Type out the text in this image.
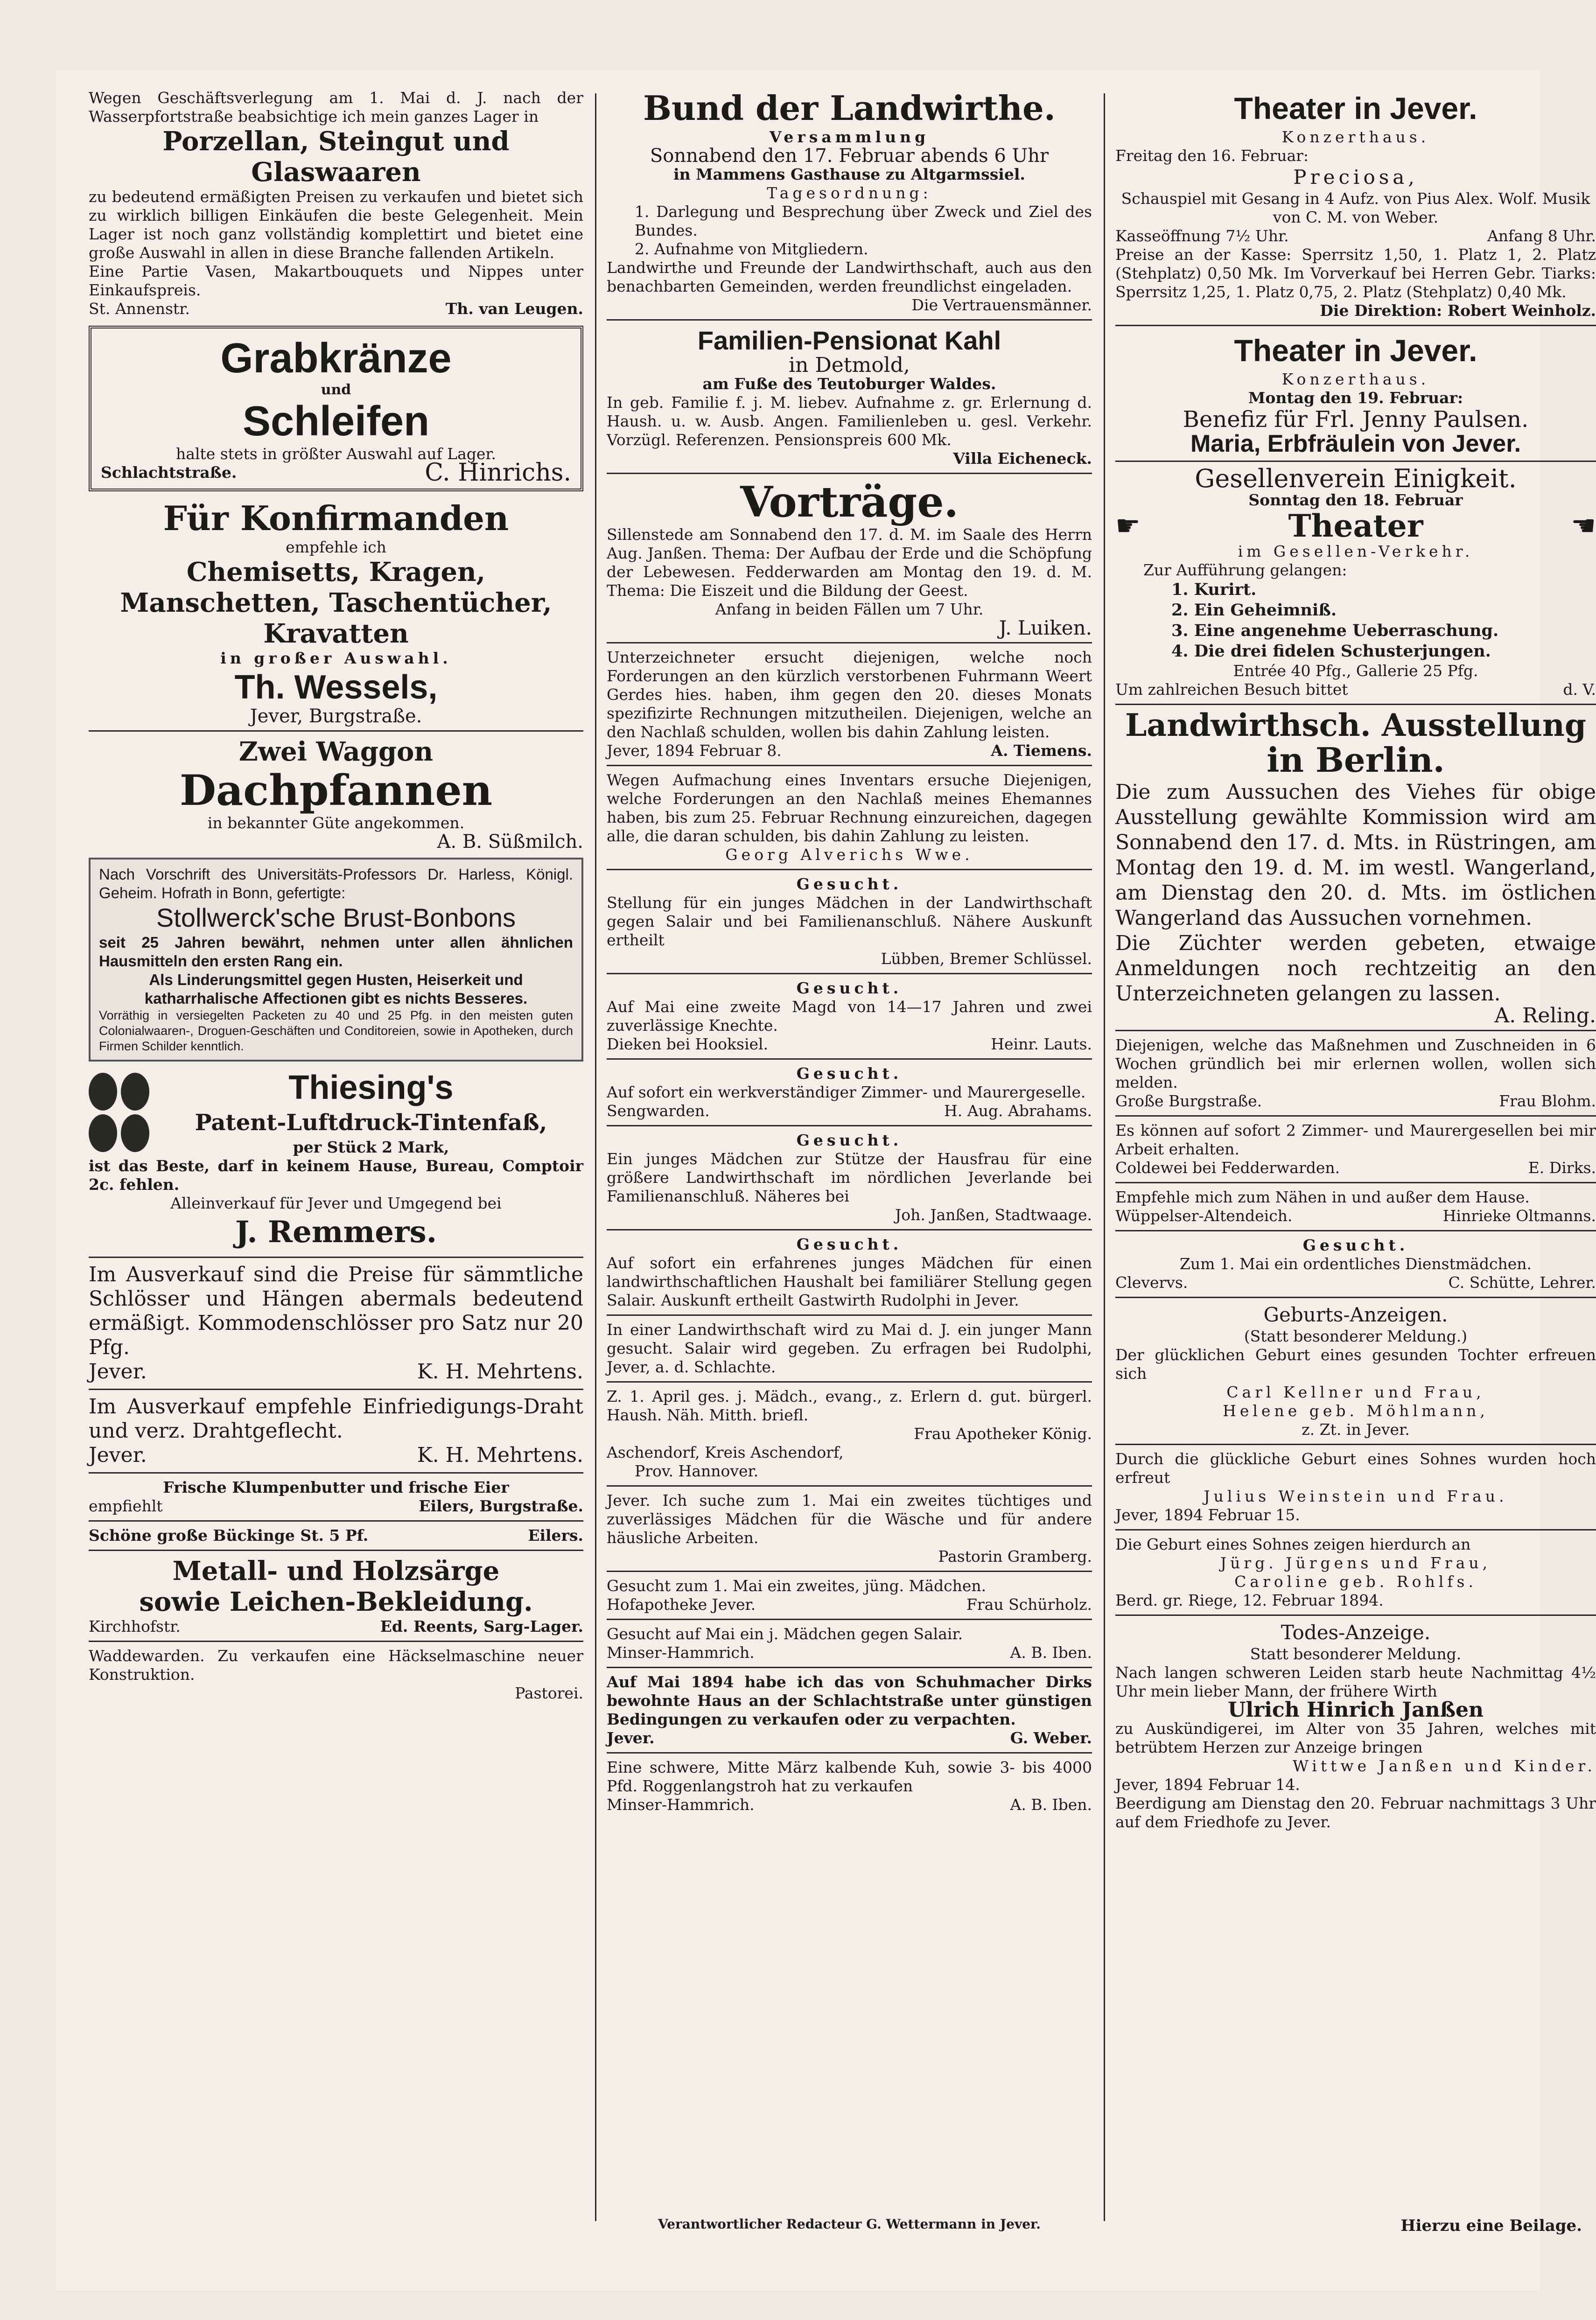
Wegen Geschäftsverlegung am 1. Mai d. J. nach der Wasserpfortstraße beabsichtige ich mein ganzes Lager in

Porzellan, Steingut und Glaswaaren

zu bedeutend ermäßigten Preisen zu verkaufen und bietet sich zu wirklich billigen Einkäufen die beste Gelegenheit. Mein Lager ist noch ganz vollständig komplettirt und bietet eine große Auswahl in allen in diese Branche fallenden Artikeln.

Eine Partie Vasen, Makartbouquets und Nippes unter Einkaufspreis.

St. Annenstr.	Th. van Leugen.
Grabkränze
und
Schleifen

halte stets in größter Auswahl auf Lager.

Schlachtstraße.	C. Hinrichs.
Für Konfirmanden

empfehle ich

Chemisetts, Kragen,
Manschetten, Taschentücher,
Kravatten

in großer Auswahl.

Th. Wessels,

Jever, Burgstraße.

Zwei Waggon
Dachpfannen

in bekannter Güte angekommen.

A. B. Süßmilch.

Nach Vorschrift des Universitäts-Professors Dr. Harless, Königl. Geheim. Hofrath in Bonn, gefertigte:

Stollwerck'sche Brust-Bonbons

seit 25 Jahren bewährt, nehmen unter allen ähnlichen Hausmitteln den ersten Rang ein.

Als Linderungsmittel gegen Husten, Heiserkeit und katharrhalische Affectionen gibt es nichts Besseres.

Vorräthig in versiegelten Packeten zu 40 und 25 Pfg. in den meisten guten Colonialwaaren-, Droguen-Geschäften und Conditoreien, sowie in Apotheken, durch Firmen Schilder kenntlich.

Thiesing's
Patent-Luftdruck-Tintenfaß,

per Stück 2 Mark,

ist das Beste, darf in keinem Hause, Bureau, Comptoir 2c. fehlen.

Alleinverkauf für Jever und Umgegend bei

J. Remmers.

Im Ausverkauf sind die Preise für sämmtliche Schlösser und Hängen abermals bedeutend ermäßigt. Kommodenschlösser pro Satz nur 20 Pfg.

Jever.	K. H. Mehrtens.

Im Ausverkauf empfehle Einfriedigungs-Draht und verz. Drahtgeflecht.

Jever.	K. H. Mehrtens.

Frische Klumpenbutter und frische Eier

empfiehlt	Eilers, Burgstraße.
Schöne große Bückinge St. 5 Pf.	Eilers.
Metall- und Holzsärge
sowie Leichen-Bekleidung.
Kirchhofstr.	Ed. Reents, Sarg-Lager.

Waddewarden. Zu verkaufen eine Häckselmaschine neuer Konstruktion.

Pastorei.

Bund der Landwirthe.

Versammlung

Sonnabend den 17. Februar abends 6 Uhr

in Mammens Gasthause zu Altgarmssiel.

Tagesordnung:

1. Darlegung und Besprechung über Zweck und Ziel des Bundes.

2. Aufnahme von Mitgliedern.

Landwirthe und Freunde der Landwirthschaft, auch aus den benachbarten Gemeinden, werden freundlichst eingeladen.

Die Vertrauensmänner.

Familien-Pensionat Kahl

in Detmold,

am Fuße des Teutoburger Waldes.

In geb. Familie f. j. M. liebev. Aufnahme z. gr. Erlernung d. Haush. u. w. Ausb. Angen. Familienleben u. gesl. Verkehr. Vorzügl. Referenzen. Pensionspreis 600 Mk.

Villa Eicheneck.

Vorträge.

Sillenstede am Sonnabend den 17. d. M. im Saale des Herrn Aug. Janßen. Thema: Der Aufbau der Erde und die Schöpfung der Lebewesen. Fedderwarden am Montag den 19. d. M. Thema: Die Eiszeit und die Bildung der Geest.

Anfang in beiden Fällen um 7 Uhr.

J. Luiken.

Unterzeichneter ersucht diejenigen, welche noch Forderungen an den kürzlich verstorbenen Fuhrmann Weert Gerdes hies. haben, ihm gegen den 20. dieses Monats spezifizirte Rechnungen mitzutheilen. Diejenigen, welche an den Nachlaß schulden, wollen bis dahin Zahlung leisten.

Jever, 1894 Februar 8.	A. Tiemens.

Wegen Aufmachung eines Inventars ersuche Diejenigen, welche Forderungen an den Nachlaß meines Ehemannes haben, bis zum 25. Februar Rechnung einzureichen, dagegen alle, die daran schulden, bis dahin Zahlung zu leisten.

Georg Alverichs Wwe.

Gesucht.

Stellung für ein junges Mädchen in der Landwirthschaft gegen Salair und bei Familienanschluß. Nähere Auskunft ertheilt

Lübben, Bremer Schlüssel.

Gesucht.

Auf Mai eine zweite Magd von 14—17 Jahren und zwei zuverlässige Knechte.

Dieken bei Hooksiel.	Heinr. Lauts.

Gesucht.

Auf sofort ein werkverständiger Zimmer- und Maurergeselle.

Sengwarden.	H. Aug. Abrahams.

Gesucht.

Ein junges Mädchen zur Stütze der Hausfrau für eine größere Landwirthschaft im nördlichen Jeverlande bei Familienanschluß. Näheres bei

Joh. Janßen, Stadtwaage.

Gesucht.

Auf sofort ein erfahrenes junges Mädchen für einen landwirthschaftlichen Haushalt bei familiärer Stellung gegen Salair. Auskunft ertheilt Gastwirth Rudolphi in Jever.

In einer Landwirthschaft wird zu Mai d. J. ein junger Mann gesucht. Salair wird gegeben. Zu erfragen bei Rudolphi, Jever, a. d. Schlachte.

Z. 1. April ges. j. Mädch., evang., z. Erlern d. gut. bürgerl. Haush. Näh. Mitth. briefl.

Frau Apotheker König.

Aschendorf, Kreis Aschendorf,

Prov. Hannover.

Jever. Ich suche zum 1. Mai ein zweites tüchtiges und zuverlässiges Mädchen für die Wäsche und für andere häusliche Arbeiten.

Pastorin Gramberg.

Gesucht zum 1. Mai ein zweites, jüng. Mädchen.

Hofapotheke Jever.	Frau Schürholz.

Gesucht auf Mai ein j. Mädchen gegen Salair.

Minser-Hammrich.	A. B. Iben.

Auf Mai 1894 habe ich das von Schuhmacher Dirks bewohnte Haus an der Schlachtstraße unter günstigen Bedingungen zu verkaufen oder zu verpachten.

Jever.	G. Weber.

Eine schwere, Mitte März kalbende Kuh, sowie 3- bis 4000 Pfd. Roggenlangstroh hat zu verkaufen

Minser-Hammrich.	A. B. Iben.
Theater in Jever.

Konzerthaus.

Freitag den 16. Februar:

Preciosa,

Schauspiel mit Gesang in 4 Aufz. von Pius Alex. Wolf. Musik von C. M. von Weber.

Kasseöffnung 7½ Uhr.	Anfang 8 Uhr.

Preise an der Kasse: Sperrsitz 1,50, 1. Platz 1, 2. Platz (Stehplatz) 0,50 Mk. Im Vorverkauf bei Herren Gebr. Tiarks: Sperrsitz 1,25, 1. Platz 0,75, 2. Platz (Stehplatz) 0,40 Mk.

Die Direktion: Robert Weinholz.

Theater in Jever.

Konzerthaus.

Montag den 19. Februar:

Benefiz für Frl. Jenny Paulsen.
Maria, Erbfräulein von Jever.
Gesellenverein Einigkeit.

Sonntag den 18. Februar

☛	Theater	☚

im Gesellen-Verkehr.

Zur Aufführung gelangen:

1. Kurirt.
2. Ein Geheimniß.
3. Eine angenehme Ueberraschung.
4. Die drei fidelen Schusterjungen.

Entrée 40 Pfg., Gallerie 25 Pfg.

Um zahlreichen Besuch bittet	d. V.
Landwirthsch. Ausstellung
in Berlin.

Die zum Aussuchen des Viehes für obige Ausstellung gewählte Kommission wird am Sonnabend den 17. d. Mts. in Rüstringen, am Montag den 19. d. M. im westl. Wangerland, am Dienstag den 20. d. Mts. im östlichen Wangerland das Aussuchen vornehmen.

Die Züchter werden gebeten, etwaige Anmeldungen noch rechtzeitig an den Unterzeichneten gelangen zu lassen.

A. Reling.

Diejenigen, welche das Maßnehmen und Zuschneiden in 6 Wochen gründlich bei mir erlernen wollen, wollen sich melden.

Große Burgstraße.	Frau Blohm.

Es können auf sofort 2 Zimmer- und Maurergesellen bei mir Arbeit erhalten.

Coldewei bei Fedderwarden.	E. Dirks.

Empfehle mich zum Nähen in und außer dem Hause.

Wüppelser-Altendeich.	Hinrieke Oltmanns.

Gesucht.

Zum 1. Mai ein ordentliches Dienstmädchen.

Clevervs.	C. Schütte, Lehrer.
Geburts-Anzeigen.

(Statt besonderer Meldung.)

Der glücklichen Geburt eines gesunden Tochter erfreuen sich

Carl Kellner und Frau,

Helene geb. Möhlmann,

z. Zt. in Jever.

Durch die glückliche Geburt eines Sohnes wurden hoch erfreut

Julius Weinstein und Frau.

Jever, 1894 Februar 15.

Die Geburt eines Sohnes zeigen hierdurch an

Jürg. Jürgens und Frau,

Caroline geb. Rohlfs.

Berd. gr. Riege, 12. Februar 1894.

Todes-Anzeige.

Statt besonderer Meldung.

Nach langen schweren Leiden starb heute Nachmittag 4½ Uhr mein lieber Mann, der frühere Wirth

Ulrich Hinrich Janßen

zu Auskündigerei, im Alter von 35 Jahren, welches mit betrübtem Herzen zur Anzeige bringen

Wittwe Janßen und Kinder.

Jever, 1894 Februar 14.

Beerdigung am Dienstag den 20. Februar nachmittags 3 Uhr auf dem Friedhofe zu Jever.

Verantwortlicher Redacteur G. Wettermann in Jever.	Hierzu eine Beilage.
